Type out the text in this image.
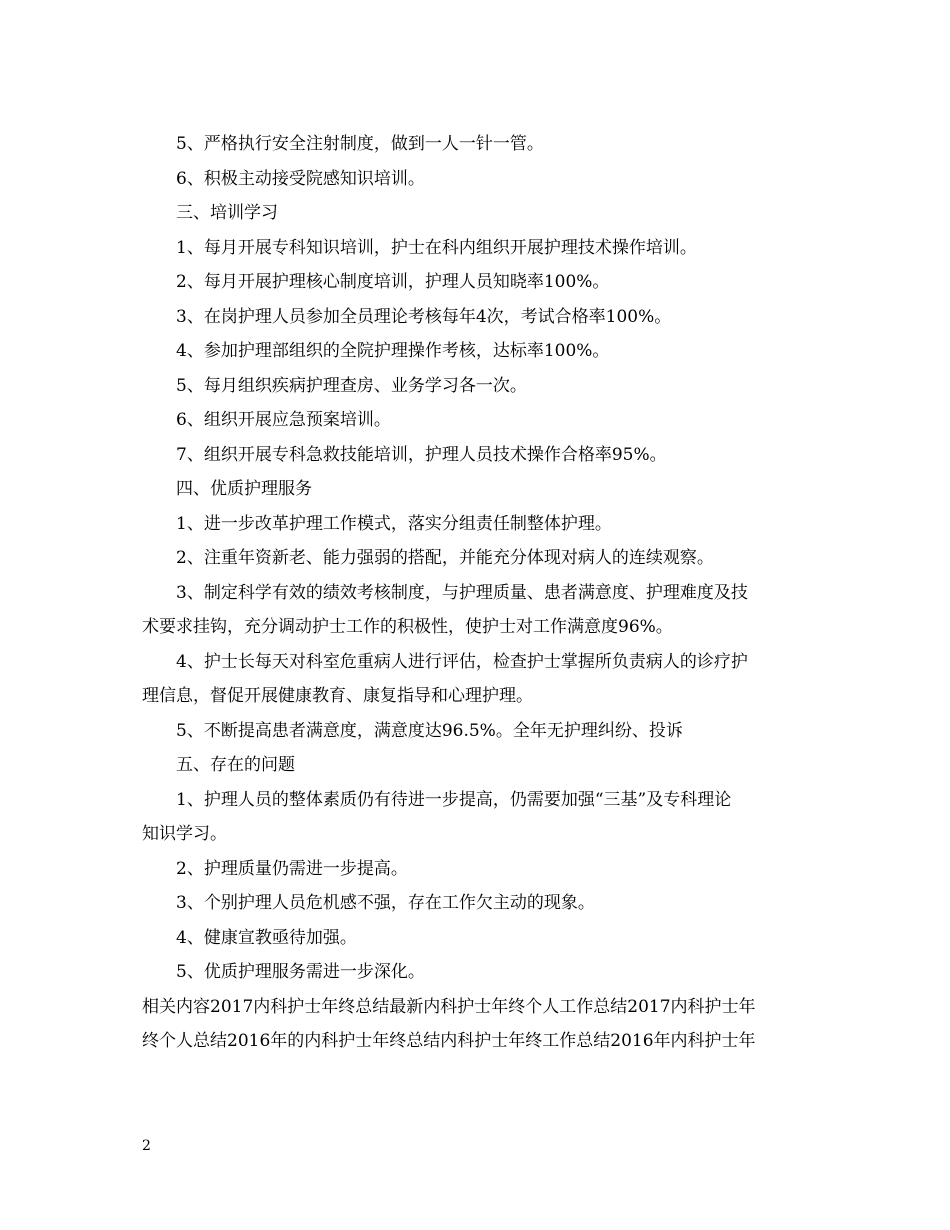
5、严格执行安全注射制度，做到一人一针一管。

6、积极主动接受院感知识培训。

三、培训学习

1、每月开展专科知识培训，护士在科内组织开展护理技术操作培训。

2、每月开展护理核心制度培训，护理人员知晓率100%。

3、在岗护理人员参加全员理论考核每年4次，考试合格率100%。

4、参加护理部组织的全院护理操作考核，达标率100%。

5、每月组织疾病护理查房、业务学习各一次。

6、组织开展应急预案培训。

7、组织开展专科急救技能培训，护理人员技术操作合格率95%。

四、优质护理服务

1、进一步改革护理工作模式，落实分组责任制整体护理。

2、注重年资新老、能力强弱的搭配，并能充分体现对病人的连续观察。

3、制定科学有效的绩效考核制度，与护理质量、患者满意度、护理难度及技

术要求挂钩，充分调动护士工作的积极性，使护士对工作满意度96%。

4、护士长每天对科室危重病人进行评估，检查护士掌握所负责病人的诊疗护

理信息，督促开展健康教育、康复指导和心理护理。

5、不断提高患者满意度，满意度达96.5%。全年无护理纠纷、投诉

五、存在的问题

1、护理人员的整体素质仍有待进一步提高，仍需要加强“三基”及专科理论

知识学习。

2、护理质量仍需进一步提高。

3、个别护理人员危机感不强，存在工作欠主动的现象。

4、健康宣教亟待加强。

5、优质护理服务需进一步深化。

相关内容2017内科护士年终总结最新内科护士年终个人工作总结2017内科护士年

终个人总结2016年的内科护士年终总结内科护士年终工作总结2016年内科护士年

2
